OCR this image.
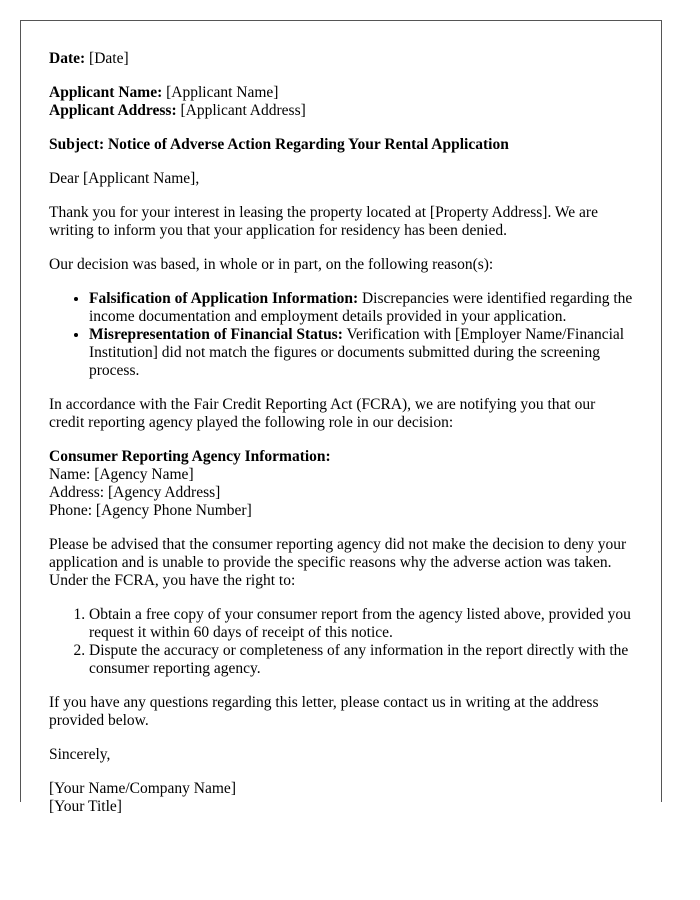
Date: [Date]

Applicant Name: [Applicant Name]
Applicant Address: [Applicant Address]

Subject: Notice of Adverse Action Regarding Your Rental Application

Dear [Applicant Name],

Thank you for your interest in leasing the property located at [Property Address]. We are writing to inform you that your application for residency has been denied.

Our decision was based, in whole or in part, on the following reason(s):

• Falsification of Application Information: Discrepancies were identified regarding the income documentation and employment details provided in your application.
• Misrepresentation of Financial Status: Verification with [Employer Name/Financial Institution] did not match the figures or documents submitted during the screening process.

In accordance with the Fair Credit Reporting Act (FCRA), we are notifying you that our credit reporting agency played the following role in our decision:

Consumer Reporting Agency Information:
Name: [Agency Name]
Address: [Agency Address]
Phone: [Agency Phone Number]

Please be advised that the consumer reporting agency did not make the decision to deny your application and is unable to provide the specific reasons why the adverse action was taken. Under the FCRA, you have the right to:

1. Obtain a free copy of your consumer report from the agency listed above, provided you request it within 60 days of receipt of this notice.
2. Dispute the accuracy or completeness of any information in the report directly with the consumer reporting agency.

If you have any questions regarding this letter, please contact us in writing at the address provided below.

Sincerely,

[Your Name/Company Name]
[Your Title]
